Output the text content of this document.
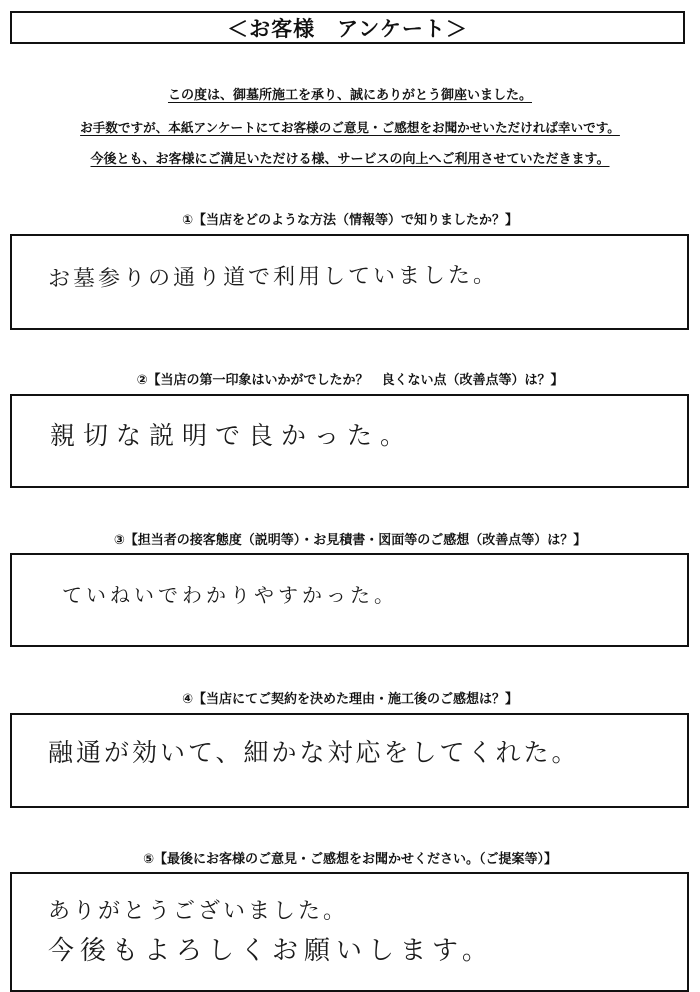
＜お客様　アンケート＞
この度は、御墓所施工を承り、誠にありがとう御座いました。
お手数ですが、本紙アンケートにてお客様のご意見・ご感想をお聞かせいただければ幸いです。
今後とも、お客様にご満足いただける様、サービスの向上へご利用させていただきます。
①【当店をどのような方法（情報等）で知りましたか？】
お墓参りの通り道で利用していました。
②【当店の第一印象はいかがでしたか？　良くない点（改善点等）は？】
親切な説明で良かった。
③【担当者の接客態度（説明等）・お見積書・図面等のご感想（改善点等）は？】
ていねいでわかりやすかった。
④【当店にてご契約を決めた理由・施工後のご感想は？】
融通が効いて、細かな対応をしてくれた。
⑤【最後にお客様のご意見・ご感想をお聞かせください。（ご提案等）】
ありがとうございました。
今後もよろしくお願いします。
